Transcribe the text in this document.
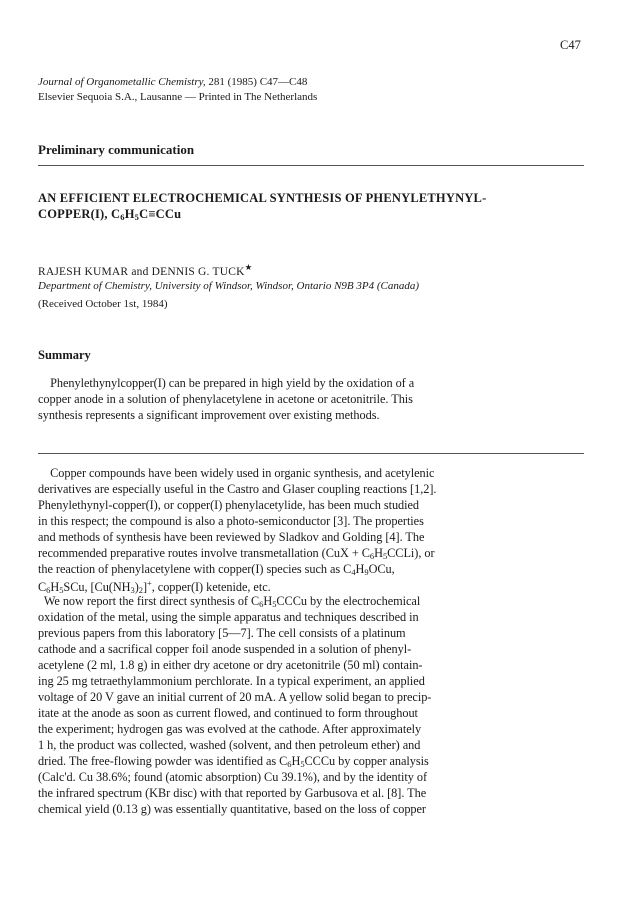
C47
Journal of Organometallic Chemistry, 281 (1985) C47—C48
Elsevier Sequoia S.A., Lausanne — Printed in The Netherlands
Preliminary communication
AN EFFICIENT ELECTROCHEMICAL SYNTHESIS OF PHENYLETHYNYL-
COPPER(I), $C_6H_5C\equiv CCu$
RAJESH KUMAR and DENNIS G. TUCK★
Department of Chemistry, University of Windsor, Windsor, Ontario N9B 3P4 (Canada)
(Received October 1st, 1984)
Summary
Phenylethynylcopper(I) can be prepared in high yield by the oxidation of a
copper anode in a solution of phenylacetylene in acetone or acetonitrile. This
synthesis represents a significant improvement over existing methods.
Copper compounds have been widely used in organic synthesis, and acetylenic
derivatives are especially useful in the Castro and Glaser coupling reactions [1,2].
Phenylethynyl-copper(I), or copper(I) phenylacetylide, has been much studied
in this respect; the compound is also a photo-semiconductor [3]. The properties
and methods of synthesis have been reviewed by Sladkov and Golding [4]. The
recommended preparative routes involve transmetallation $(CuX + C_6H_5CCLi)$, or
the reaction of phenylacetylene with copper(I) species such as $C_4H_9OCu$,
$C_6H_5SCu$, $[Cu(NH_3)_2]^+$, copper(I) ketenide, etc.
We now report the first direct synthesis of $C_6H_5CCCu$ by the electrochemical
oxidation of the metal, using the simple apparatus and techniques described in
previous papers from this laboratory [5—7]. The cell consists of a platinum
cathode and a sacrifical copper foil anode suspended in a solution of phenyl-
acetylene (2 ml, 1.8 g) in either dry acetone or dry acetonitrile (50 ml) contain-
ing 25 mg tetraethylammonium perchlorate. In a typical experiment, an applied
voltage of 20 V gave an initial current of 20 mA. A yellow solid began to precip-
itate at the anode as soon as current flowed, and continued to form throughout
the experiment; hydrogen gas was evolved at the cathode. After approximately
1 h, the product was collected, washed (solvent, and then petroleum ether) and
dried. The free-flowing powder was identified as $C_6H_5CCCu$ by copper analysis
(Calc'd. Cu 38.6%; found (atomic absorption) Cu 39.1%), and by the identity of
the infrared spectrum (KBr disc) with that reported by Garbusova et al. [8]. The
chemical yield (0.13 g) was essentially quantitative, based on the loss of copper
